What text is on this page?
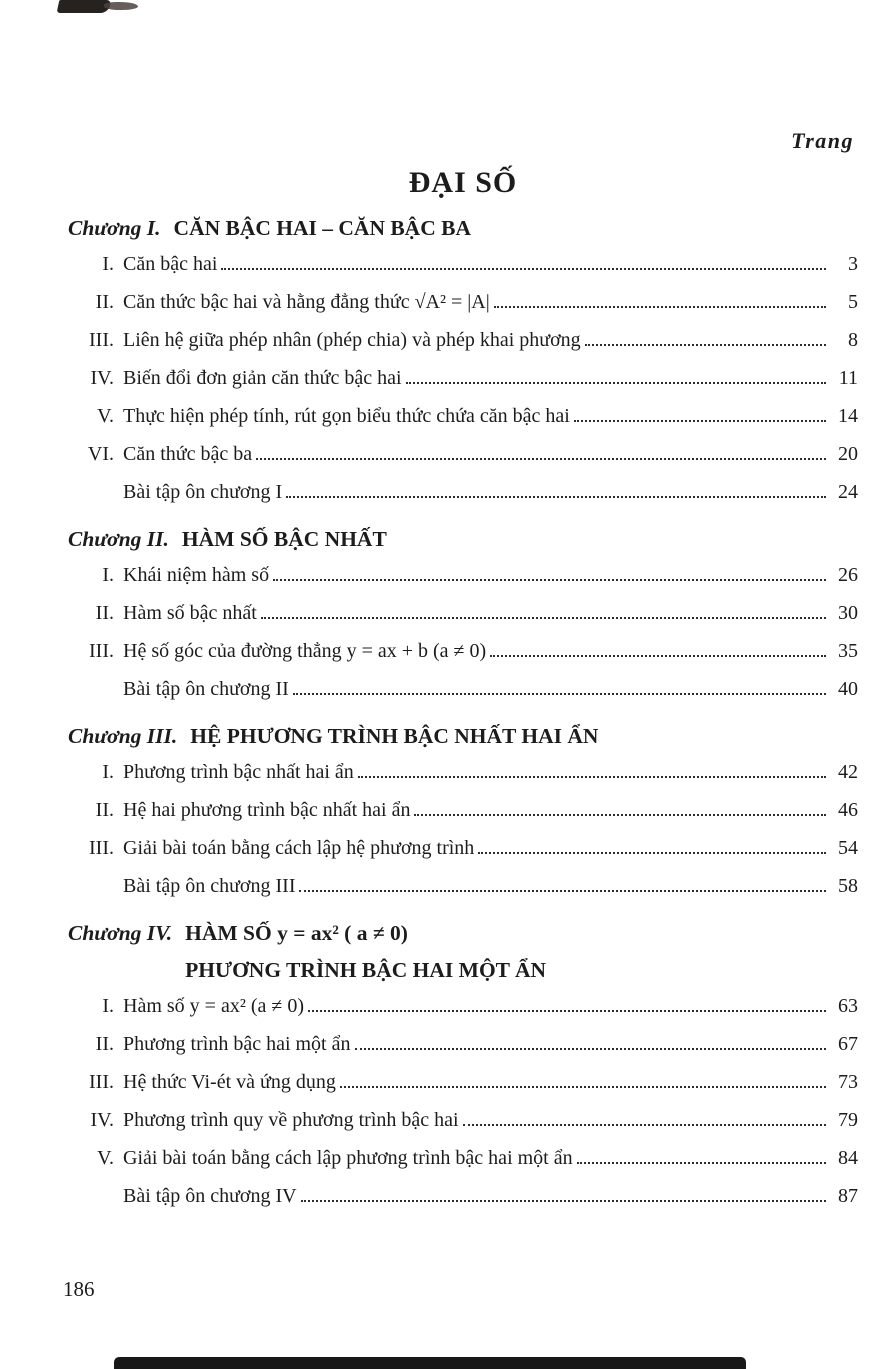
Trang
ĐẠI SỐ
Chương I. CĂN BẬC HAI – CĂN BẬC BA
I. Căn bậc hai	3
II. Căn thức bậc hai và hằng đẳng thức √A² = |A|	5
III. Liên hệ giữa phép nhân (phép chia) và phép khai phương	8
IV. Biến đổi đơn giản căn thức bậc hai	11
V. Thực hiện phép tính, rút gọn biểu thức chứa căn bậc hai	14
VI. Căn thức bậc ba	20
Bài tập ôn chương I	24
Chương II. HÀM SỐ BẬC NHẤT
I. Khái niệm hàm số	26
II. Hàm số bậc nhất	30
III. Hệ số góc của đường thẳng y = ax + b (a ≠ 0)	35
Bài tập ôn chương II	40
Chương III. HỆ PHƯƠNG TRÌNH BẬC NHẤT HAI ẨN
I. Phương trình bậc nhất hai ẩn	42
II. Hệ hai phương trình bậc nhất hai ẩn	46
III. Giải bài toán bằng cách lập hệ phương trình	54
Bài tập ôn chương III	58
Chương IV. HÀM SỐ y = ax² ( a ≠ 0)
PHƯƠNG TRÌNH BẬC HAI MỘT ẨN
I. Hàm số y = ax² (a ≠ 0)	63
II. Phương trình bậc hai một ẩn	67
III. Hệ thức Vi-ét và ứng dụng	73
IV. Phương trình quy về phương trình bậc hai	79
V. Giải bài toán bằng cách lập phương trình bậc hai một ẩn	84
Bài tập ôn chương IV	87
186
